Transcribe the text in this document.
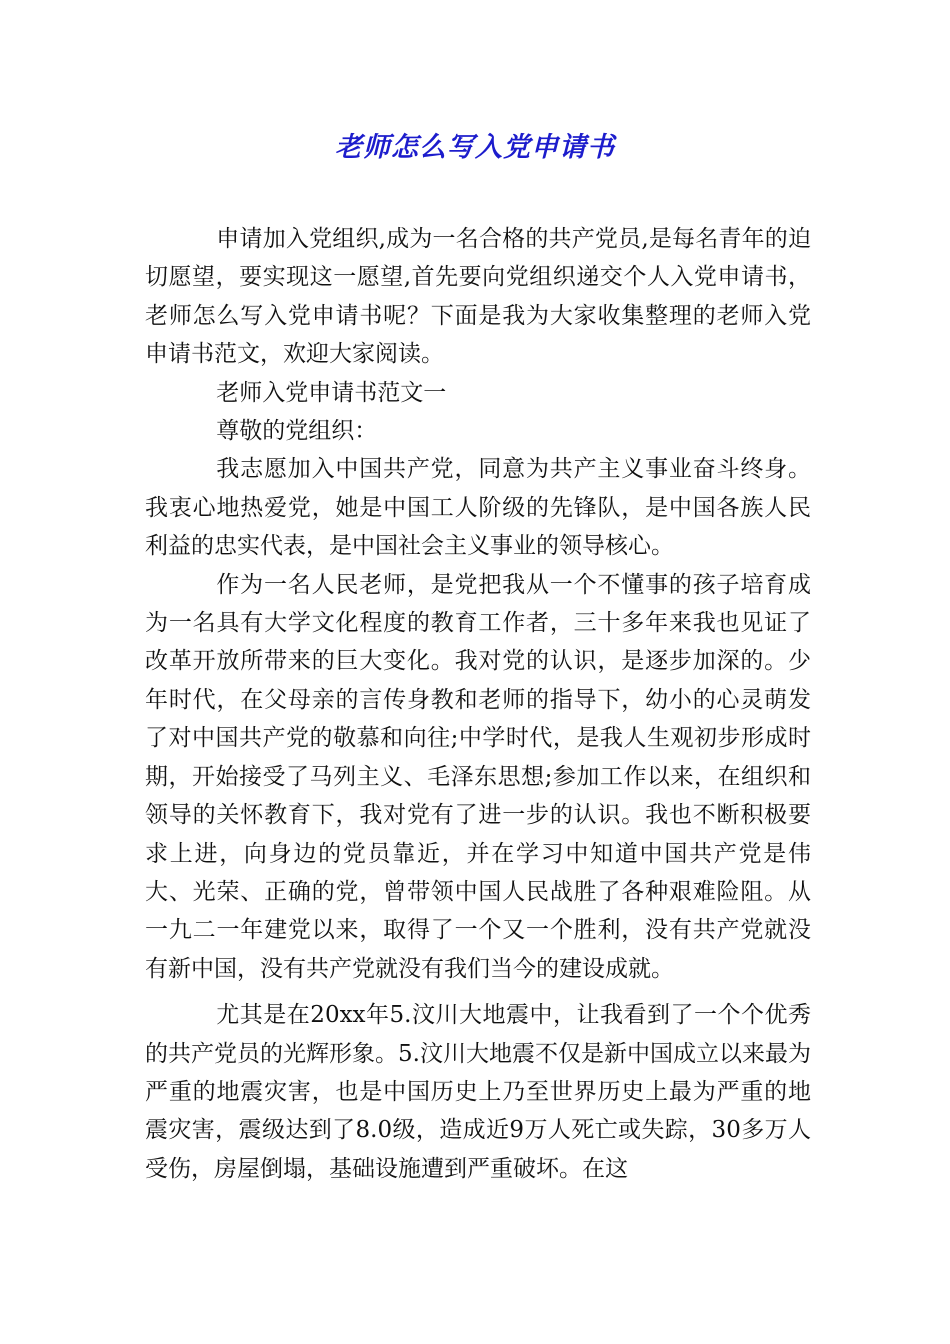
老师怎么写入党申请书

申请加入党组织,成为一名合格的共产党员,是每名青年的迫切愿望，要实现这一愿望,首先要向党组织递交个人入党申请书，老师怎么写入党申请书呢？下面是我为大家收集整理的老师入党申请书范文，欢迎大家阅读。

老师入党申请书范文一

尊敬的党组织：

我志愿加入中国共产党，同意为共产主义事业奋斗终身。我衷心地热爱党，她是中国工人阶级的先锋队，是中国各族人民利益的忠实代表，是中国社会主义事业的领导核心。

作为一名人民老师，是党把我从一个不懂事的孩子培育成为一名具有大学文化程度的教育工作者，三十多年来我也见证了改革开放所带来的巨大变化。我对党的认识，是逐步加深的。少年时代，在父母亲的言传身教和老师的指导下，幼小的心灵萌发了对中国共产党的敬慕和向往;中学时代，是我人生观初步形成时期，开始接受了马列主义、毛泽东思想;参加工作以来，在组织和领导的关怀教育下，我对党有了进一步的认识。我也不断积极要求上进，向身边的党员靠近，并在学习中知道中国共产党是伟大、光荣、正确的党，曾带领中国人民战胜了各种艰难险阻。从一九二一年建党以来，取得了一个又一个胜利，没有共产党就没有新中国，没有共产党就没有我们当今的建设成就。

尤其是在20xx年5.汶川大地震中，让我看到了一个个优秀的共产党员的光辉形象。5.汶川大地震不仅是新中国成立以来最为严重的地震灾害，也是中国历史上乃至世界历史上最为严重的地震灾害，震级达到了8.0级，造成近9万人死亡或失踪，30多万人受伤，房屋倒塌，基础设施遭到严重破坏。在这
